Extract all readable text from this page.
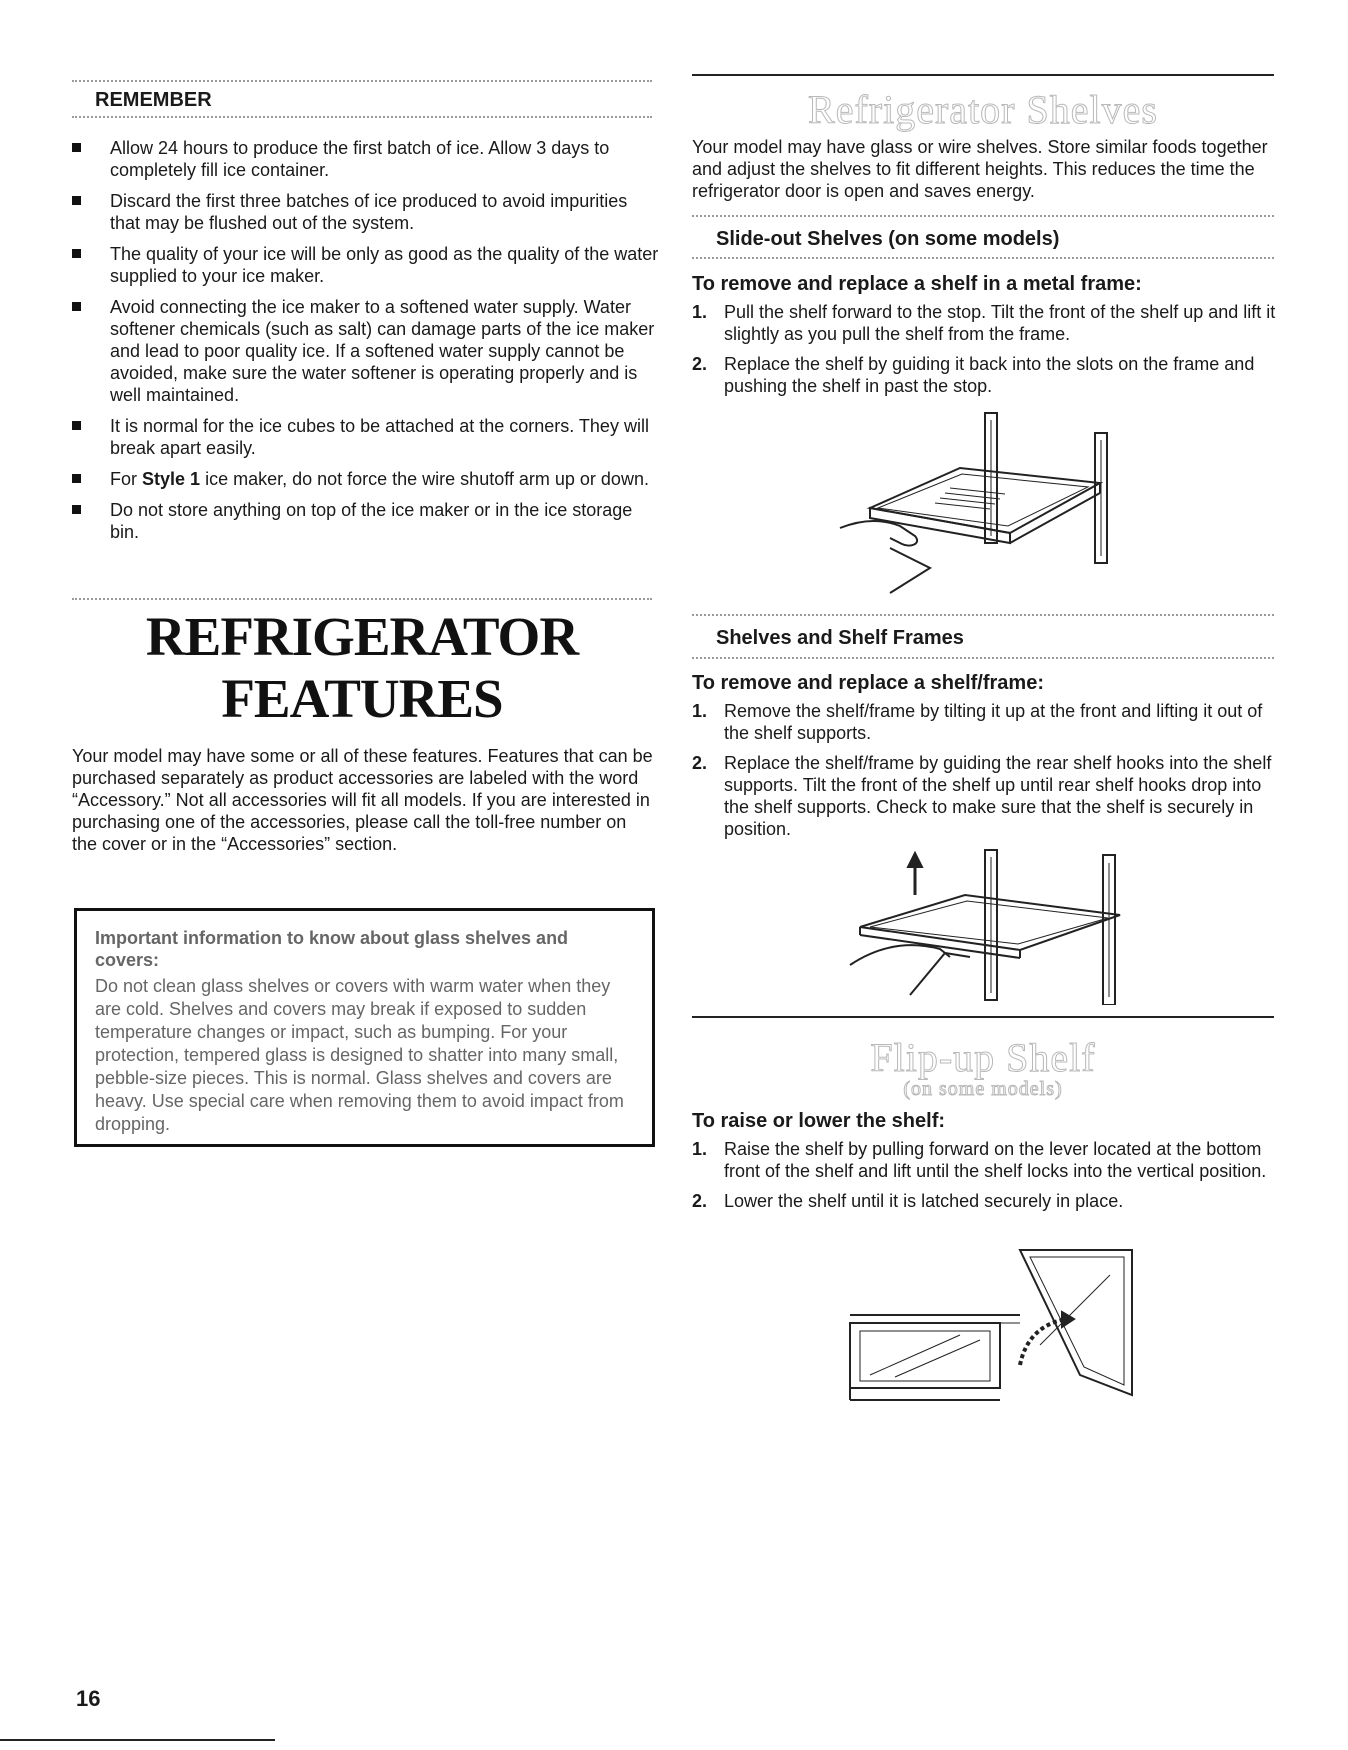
REMEMBER
Allow 24 hours to produce the first batch of ice. Allow 3 days to completely fill ice container.
Discard the first three batches of ice produced to avoid impurities that may be flushed out of the system.
The quality of your ice will be only as good as the quality of the water supplied to your ice maker.
Avoid connecting the ice maker to a softened water supply. Water softener chemicals (such as salt) can damage parts of the ice maker and lead to poor quality ice. If a softened water supply cannot be avoided, make sure the water softener is operating properly and is well maintained.
It is normal for the ice cubes to be attached at the corners. They will break apart easily.
For Style 1 ice maker, do not force the wire shutoff arm up or down.
Do not store anything on top of the ice maker or in the ice storage bin.
REFRIGERATOR
FEATURES
Your model may have some or all of these features. Features that can be purchased separately as product accessories are labeled with the word “Accessory.” Not all accessories will fit all models. If you are interested in purchasing one of the accessories, please call the toll-free number on the cover or in the “Accessories” section.
Important information to know about glass shelves and covers:
Do not clean glass shelves or covers with warm water when they are cold. Shelves and covers may break if exposed to sudden temperature changes or impact, such as bumping. For your protection, tempered glass is designed to shatter into many small, pebble-size pieces. This is normal. Glass shelves and covers are heavy. Use special care when removing them to avoid impact from dropping.
Refrigerator Shelves
Your model may have glass or wire shelves. Store similar foods together and adjust the shelves to fit different heights. This reduces the time the refrigerator door is open and saves energy.
Slide-out Shelves (on some models)
To remove and replace a shelf in a metal frame:
1. Pull the shelf forward to the stop. Tilt the front of the shelf up and lift it slightly as you pull the shelf from the frame.
2. Replace the shelf by guiding it back into the slots on the frame and pushing the shelf in past the stop.
Shelves and Shelf Frames
To remove and replace a shelf/frame:
1. Remove the shelf/frame by tilting it up at the front and lifting it out of the shelf supports.
2. Replace the shelf/frame by guiding the rear shelf hooks into the shelf supports. Tilt the front of the shelf up until rear shelf hooks drop into the shelf supports. Check to make sure that the shelf is securely in position.
Flip-up Shelf
(on some models)
To raise or lower the shelf:
1. Raise the shelf by pulling forward on the lever located at the bottom front of the shelf and lift until the shelf locks into the vertical position.
2. Lower the shelf until it is latched securely in place.
16
